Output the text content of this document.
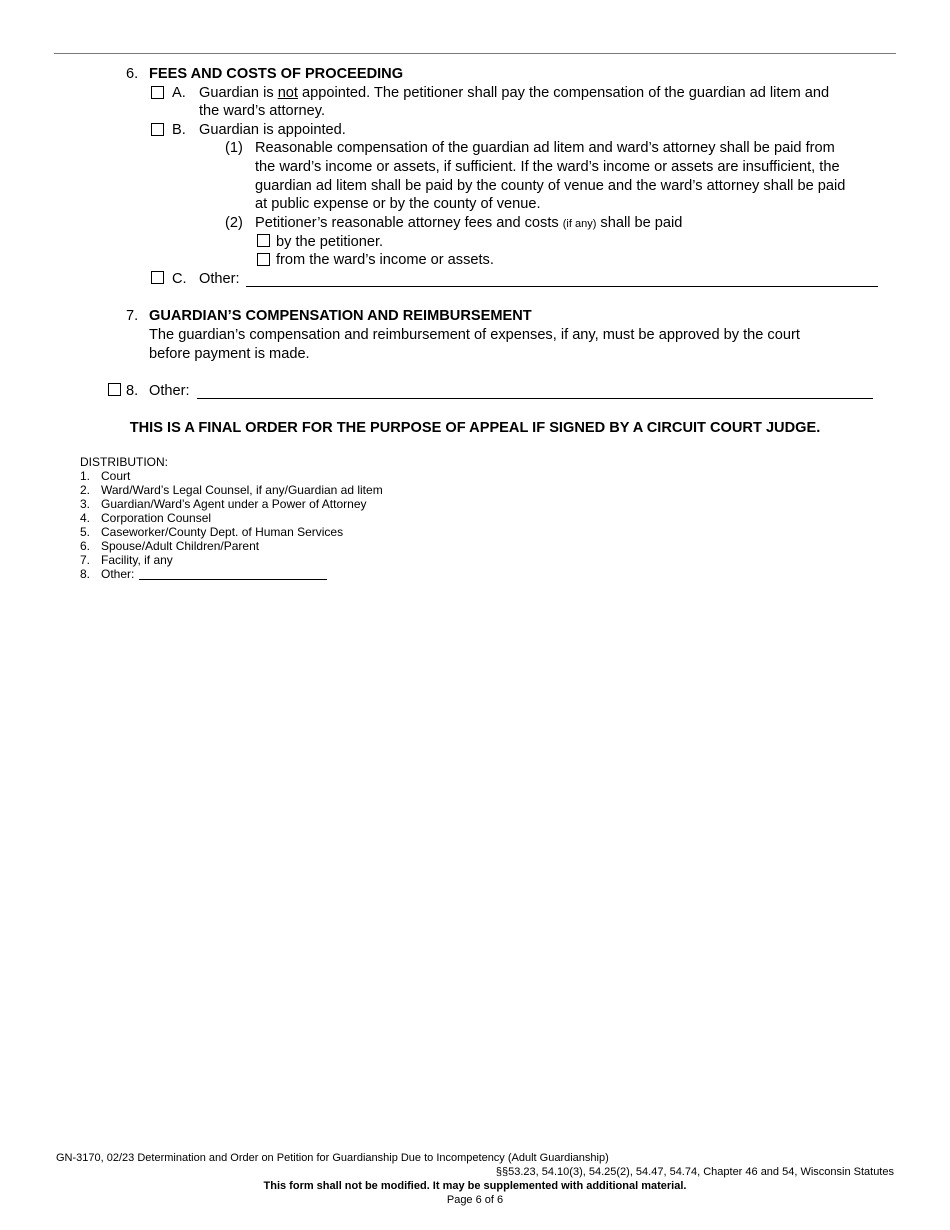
6. FEES AND COSTS OF PROCEEDING
A. Guardian is not appointed. The petitioner shall pay the compensation of the guardian ad litem and
the ward’s attorney.
B. Guardian is appointed.
(1) Reasonable compensation of the guardian ad litem and ward’s attorney shall be paid from
the ward’s income or assets, if sufficient. If the ward’s income or assets are insufficient, the
guardian ad litem shall be paid by the county of venue and the ward’s attorney shall be paid
at public expense or by the county of venue.
(2) Petitioner’s reasonable attorney fees and costs (if any) shall be paid
by the petitioner.
from the ward’s income or assets.
C. Other:
7. GUARDIAN’S COMPENSATION AND REIMBURSEMENT
The guardian’s compensation and reimbursement of expenses, if any, must be approved by the court
before payment is made.
8. Other:
THIS IS A FINAL ORDER FOR THE PURPOSE OF APPEAL IF SIGNED BY A CIRCUIT COURT JUDGE.
DISTRIBUTION:
1. Court
2. Ward/Ward’s Legal Counsel, if any/Guardian ad litem
3. Guardian/Ward’s Agent under a Power of Attorney
4. Corporation Counsel
5. Caseworker/County Dept. of Human Services
6. Spouse/Adult Children/Parent
7. Facility, if any
8. Other:
GN-3170, 02/23 Determination and Order on Petition for Guardianship Due to Incompetency (Adult Guardianship)
§§53.23, 54.10(3), 54.25(2), 54.47, 54.74, Chapter 46 and 54, Wisconsin Statutes
This form shall not be modified. It may be supplemented with additional material.
Page 6 of 6
